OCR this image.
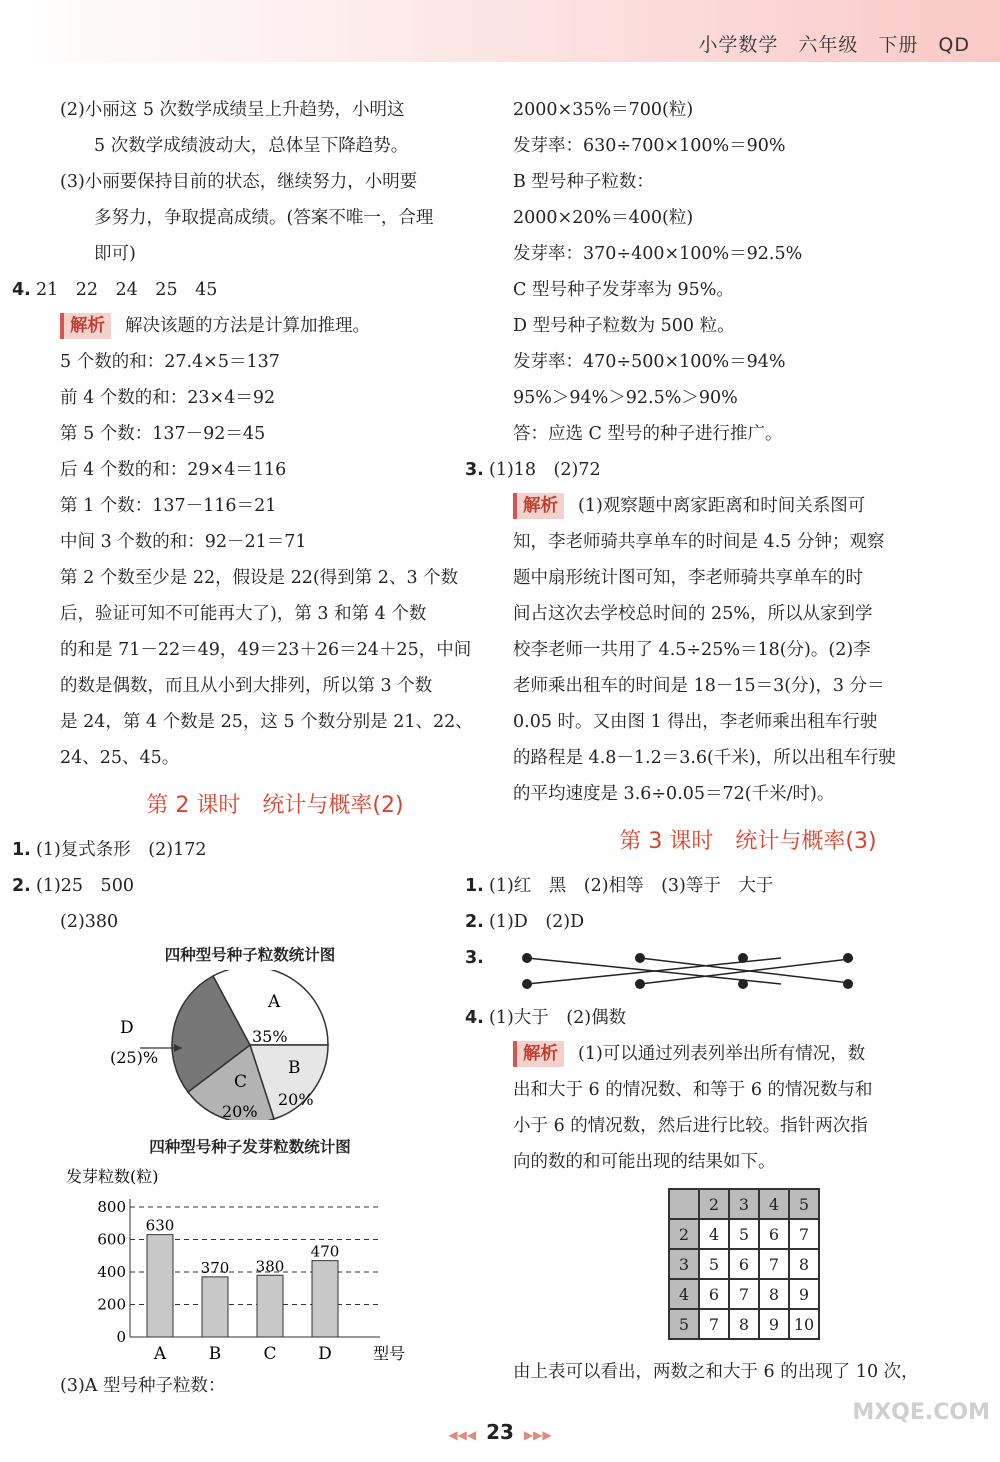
小学数学　六年级　下册　QD
(2)小丽这 5 次数学成绩呈上升趋势，小明这
5 次数学成绩波动大，总体呈下降趋势。
(3)小丽要保持目前的状态，继续努力，小明要
多努力，争取提高成绩。(答案不唯一，合理
即可)
4. 21　22　24　25　45
解析 解决该题的方法是计算加推理。
5 个数的和：27.4×5＝137
前 4 个数的和：23×4＝92
第 5 个数：137－92＝45
后 4 个数的和：29×4＝116
第 1 个数：137－116＝21
中间 3 个数的和：92－21＝71
第 2 个数至少是 22，假设是 22(得到第 2、3 个数
后，验证可知不可能再大了)，第 3 和第 4 个数
的和是 71－22＝49，49＝23＋26＝24＋25，中间
的数是偶数，而且从小到大排列，所以第 3 个数
是 24，第 4 个数是 25，这 5 个数分别是 21、22、
24、25、45。
第 2 课时　统计与概率(2)
1. (1)复式条形　(2)172
2. (1)25　500
(2)380
四种型号种子粒数统计图
A
35%
B
20%
C
20%
D
(25)%
四种型号种子发芽粒数统计图
发芽粒数(粒)
0
200
400
600
800
630
A
370
B
380
C
470
D	型号
(3)A 型号种子粒数：
2000×35%＝700(粒)
发芽率：630÷700×100%＝90%
B 型号种子粒数：
2000×20%＝400(粒)
发芽率：370÷400×100%＝92.5%
C 型号种子发芽率为 95%。
D 型号种子粒数为 500 粒。
发芽率：470÷500×100%＝94%
95%＞94%＞92.5%＞90%
答：应选 C 型号的种子进行推广。
3. (1)18　(2)72
解析 (1)观察题中离家距离和时间关系图可
知，李老师骑共享单车的时间是 4.5 分钟；观察
题中扇形统计图可知，李老师骑共享单车的时
间占这次去学校总时间的 25%，所以从家到学
校李老师一共用了 4.5÷25%＝18(分)。(2)李
老师乘出租车的时间是 18－15＝3(分)，3 分＝
0.05 时。又由图 1 得出，李老师乘出租车行驶
的路程是 4.8－1.2＝3.6(千米)，所以出租车行驶
的平均速度是 3.6÷0.05＝72(千米/时)。
第 3 课时　统计与概率(3)
1. (1)红　黑　(2)相等　(3)等于　大于
2. (1)D　(2)D
3.
4. (1)大于　(2)偶数
解析 (1)可以通过列表列举出所有情况，数
出和大于 6 的情况数、和等于 6 的情况数与和
小于 6 的情况数，然后进行比较。指针两次指
向的数的和可能出现的结果如下。
	2	3	4	5
2	4	5	6	7
3	5	6	7	8
4	6	7	8	9
5	7	8	9	10
由上表可以看出，两数之和大于 6 的出现了 10 次，
◀◀◀ 23 ▶▶▶
MXQE.COM
